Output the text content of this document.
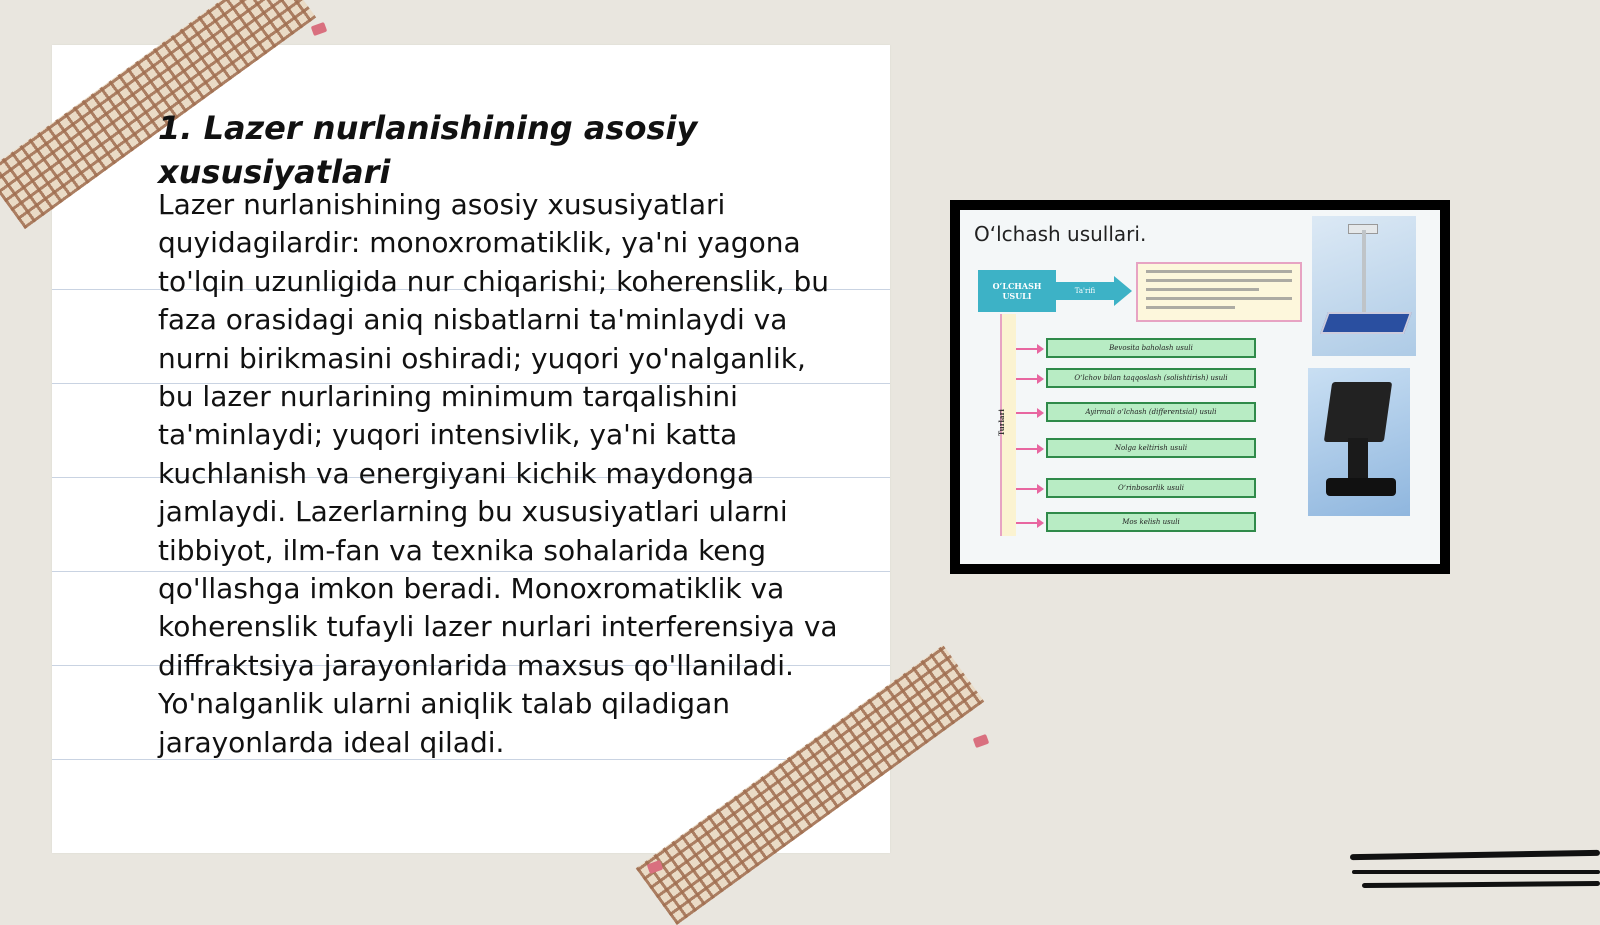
1. Lazer nurlanishining asosiy xususiyatlari

Lazer nurlanishining asosiy xususiyatlari quyidagilardir: monoxromatiklik, ya'ni yagona to'lqin uzunligida nur chiqarishi; koherenslik, bu faza orasidagi aniq nisbatlarni ta'minlaydi va nurni birikmasini oshiradi; yuqori yo'nalganlik, bu lazer nurlarining minimum tarqalishini ta'minlaydi; yuqori intensivlik, ya'ni katta kuchlanish va energiyani kichik maydonga jamlaydi. Lazerlarning bu xususiyatlari ularni tibbiyot, ilm-fan va texnika sohalarida keng qo'llashga imkon beradi. Monoxromatiklik va koherenslik tufayli lazer nurlari interferensiya va diffraktsiya jarayonlarida maxsus qo'llaniladi. Yo'nalganlik ularni aniqlik talab qiladigan jarayonlarda ideal qiladi.

Oʻlchash usullari.
OʻLCHASH USULI	Ta'rifi
Turlari
Bevosita baholash usuli
Oʻlchov bilan taqqoslash (solishtirish) usuli
Ayirmali oʻlchash (differentsial) usuli
Nolga keltirish usuli
Oʻrinbosarlik usuli
Mos kelish usuli
